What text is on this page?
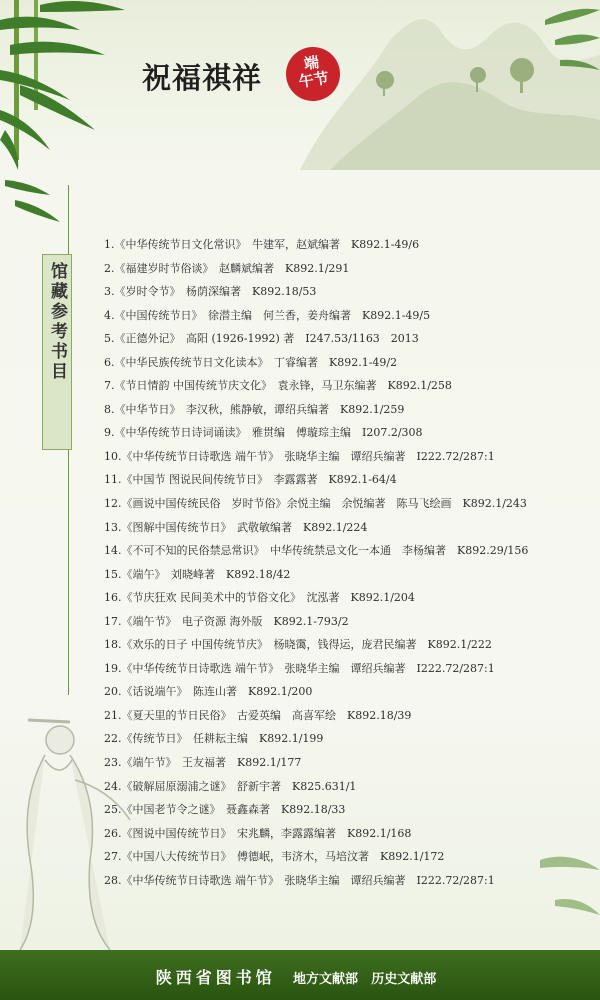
祝福祺祥	端
午节
馆藏参考书目
1.《中华传统节日文化常识》　牛建军，赵斌编著　K892.1-49/6
2.《福建岁时节俗谈》　赵麟斌编著　K892.1/291
3.《岁时令节》　杨荫深编著　K892.18/53
4.《中国传统节日》　徐潜主编　何兰香，姜舟编著　K892.1-49/5
5.《正德外记》　高阳 (1926-1992) 著　I247.53/1163　2013
6.《中华民族传统节日文化读本》　丁睿编著　K892.1-49/2
7.《节日情韵 中国传统节庆文化》　袁永锋，马卫东编著　K892.1/258
8.《中华节日》　李汉秋，熊静敏，谭绍兵编著　K892.1/259
9.《中华传统节日诗词诵读》　雅贯编　傅璇琮主编　I207.2/308
10.《中华传统节日诗歌选 端午节》　张晓华主编　谭绍兵编著　I222.72/287:1
11.《中国节 图说民间传统节日》　李露露著　K892.1-64/4
12.《画说中国传统民俗　岁时节俗》余悦主编　余悦编著　陈马飞绘画　K892.1/243
13.《图解中国传统节日》　武敬敏编著　K892.1/224
14.《不可不知的民俗禁忌常识》　中华传统禁忌文化一本通　李杨编著　K892.29/156
15.《端午》　刘晓峰著　K892.18/42
16.《节庆狂欢 民间美术中的节俗文化》　沈泓著　K892.1/204
17.《端午节》　电子资源 海外版　K892.1-793/2
18.《欢乐的日子 中国传统节庆》　杨晓霭，钱得运，庞君民编著　K892.1/222
19.《中华传统节日诗歌选 端午节》　张晓华主编　谭绍兵编著　I222.72/287:1
20.《话说端午》　陈连山著　K892.1/200
21.《夏天里的节日民俗》　古爱英编　高喜军绘　K892.18/39
22.《传统节日》　任耕耘主编　K892.1/199
23.《端午节》　王友福著　K892.1/177
24.《破解屈原溺浦之谜》　舒新宇著　K825.631/1
25.《中国老节令之谜》　聂鑫森著　K892.18/33
26.《图说中国传统节日》　宋兆麟，李露露编著　K892.1/168
27.《中国八大传统节日》　傅德岷，韦济木，马培汶著　K892.1/172
28.《中华传统节日诗歌选 端午节》　张晓华主编　谭绍兵编著　I222.72/287:1
陕西省图书馆 地方文献部 历史文献部
